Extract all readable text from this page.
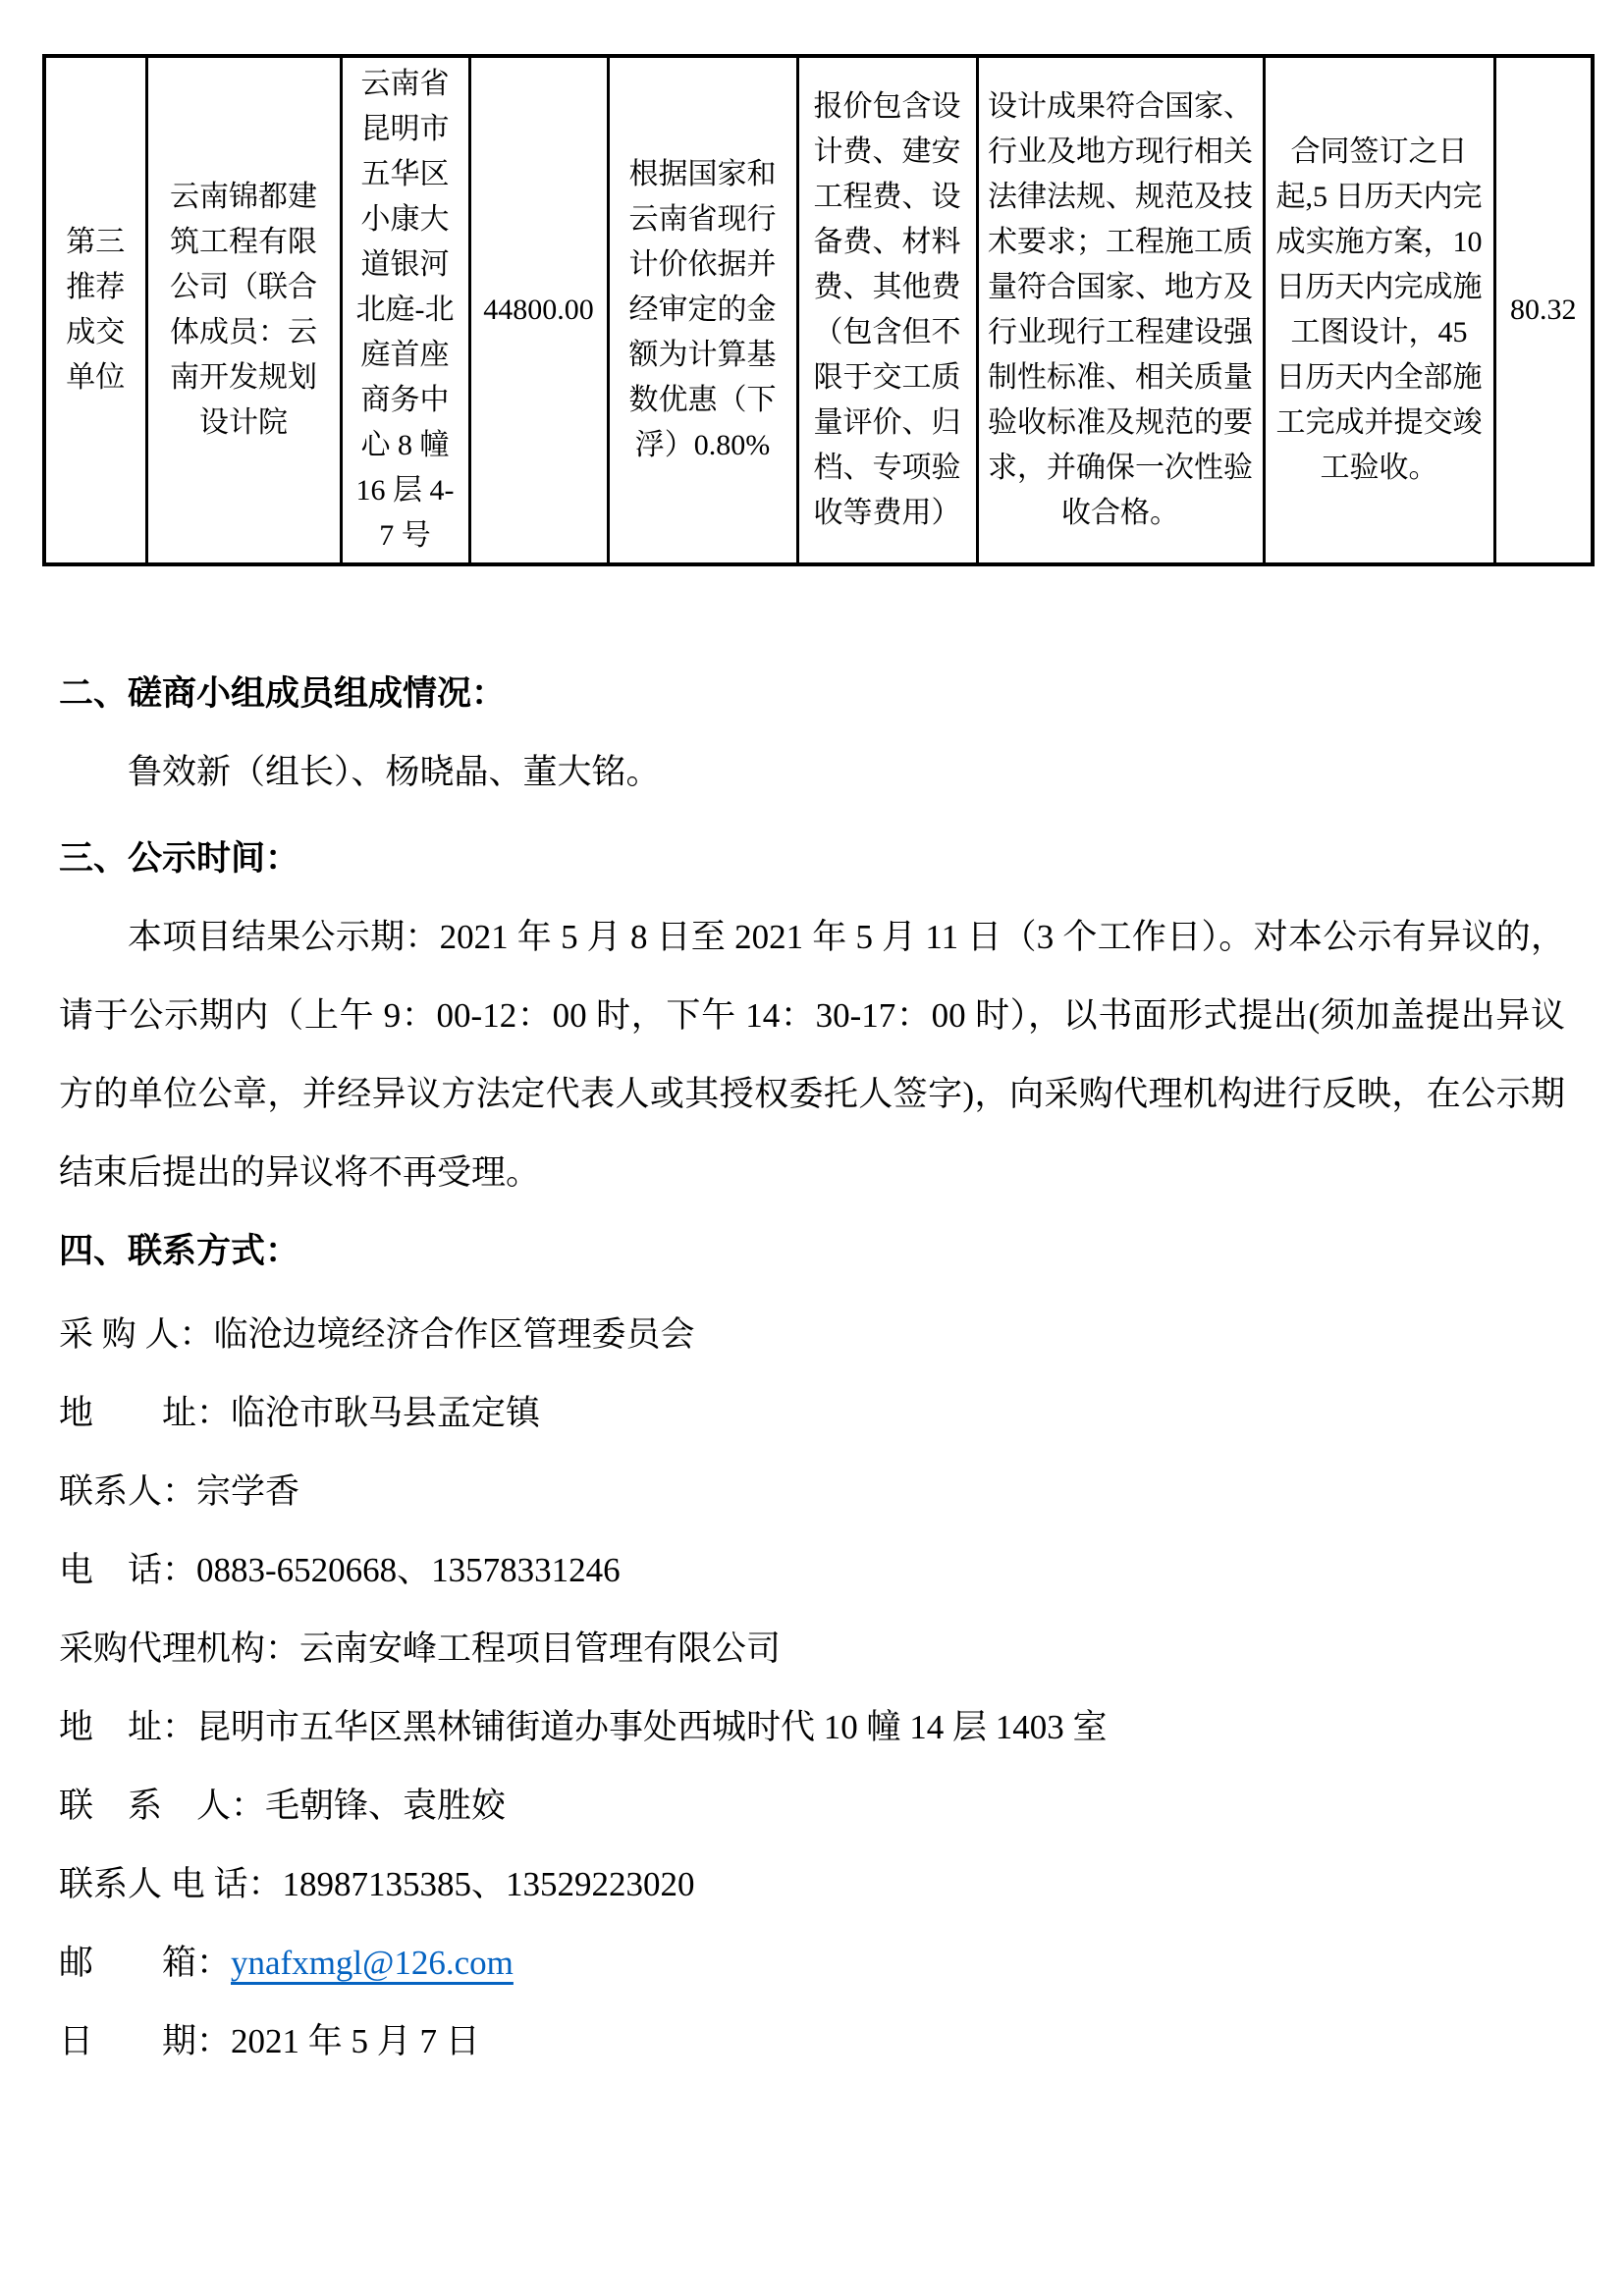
第三推荐成交单位	云南锦都建筑工程有限公司（联合体成员：云南开发规划设计院	云南省昆明市五华区小康大道银河北庭-北庭首座商务中心 8 幢 16 层 4-7 号	44800.00	根据国家和云南省现行计价依据并经审定的金额为计算基数优惠（下浮）0.80%	报价包含设计费、建安工程费、设备费、材料费、其他费（包含但不限于交工质量评价、归档、专项验收等费用）	设计成果符合国家、行业及地方现行相关法律法规、规范及技术要求；工程施工质量符合国家、地方及行业现行工程建设强制性标准、相关质量验收标准及规范的要求，并确保一次性验收合格。	合同签订之日起,5 日历天内完成实施方案，10 日历天内完成施工图设计，45 日历天内全部施工完成并提交竣工验收。	80.32
二、磋商小组成员组成情况：

鲁效新（组长）、杨晓晶、董大铭。

三、公示时间：

本项目结果公示期：2021 年 5 月 8 日至 2021 年 5 月 11 日（3 个工作日）。对本公示有异议的，请于公示期内（上午 9：00-12：00 时，下午 14：30-17：00 时），以书面形式提出(须加盖提出异议方的单位公章，并经异议方法定代表人或其授权委托人签字)，向采购代理机构进行反映，在公示期结束后提出的异议将不再受理。

四、联系方式：
采 购 人：临沧边境经济合作区管理委员会
地　　址：临沧市耿马县孟定镇
联系人：宗学香
电　话：0883-6520668、13578331246
采购代理机构：云南安峰工程项目管理有限公司
地　址：昆明市五华区黑林铺街道办事处西城时代 10 幢 14 层 1403 室
联　系　人：毛朝锋、袁胜姣
联系人 电 话：18987135385、13529223020
邮　　箱：ynafxmgl@126.com
日　　期：2021 年 5 月 7 日
